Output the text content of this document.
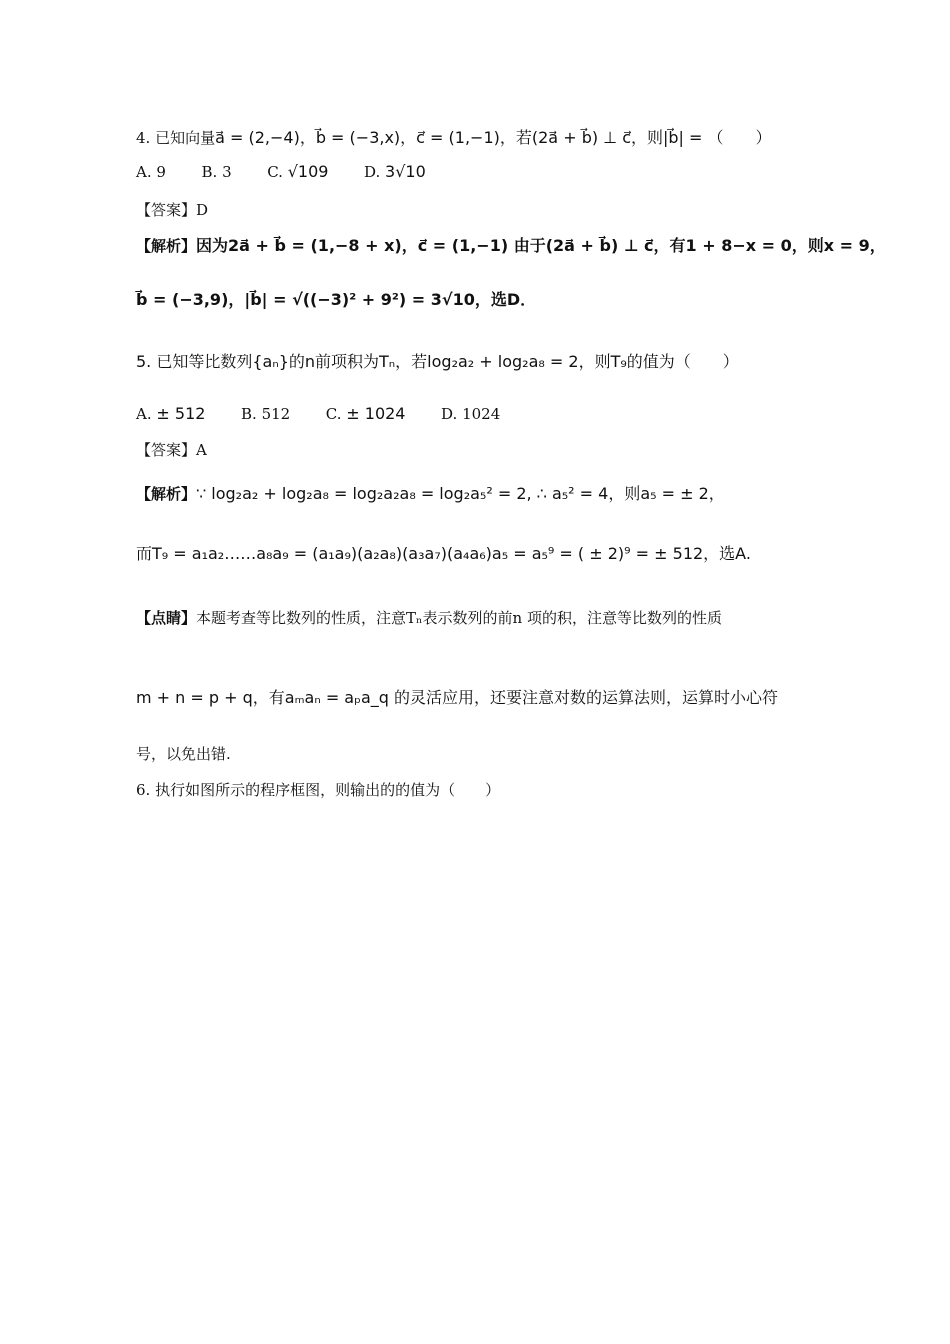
4. 已知向量a⃗ = (2,−4)，b⃗ = (−3,x)，c⃗ = (1,−1)，若(2a⃗ + b⃗) ⊥ c⃗，则|b⃗| = （　　）
A. 9 B. 3 C. √109 D. 3√10
【答案】D
【解析】因为2a⃗ + b⃗ = (1,−8 + x)，c⃗ = (1,−1) 由于(2a⃗ + b⃗) ⊥ c⃗，有1 + 8−x = 0，则x = 9，
b⃗ = (−3,9)，|b⃗| = √((−3)² + 9²) = 3√10，选D．
5. 已知等比数列{aₙ}的n前项积为Tₙ，若log₂a₂ + log₂a₈ = 2，则T₉的值为（　　）
A. ± 512 B. 512 C. ± 1024 D. 1024
【答案】A
【解析】∵ log₂a₂ + log₂a₈ = log₂a₂a₈ = log₂a₅² = 2, ∴ a₅² = 4，则a₅ = ± 2，
而T₉ = a₁a₂……a₈a₉ = (a₁a₉)(a₂a₈)(a₃a₇)(a₄a₆)a₅ = a₅⁹ = ( ± 2)⁹ = ± 512，选A.
【点睛】本题考查等比数列的性质，注意Tₙ表示数列的前n 项的积，注意等比数列的性质
m + n = p + q，有aₘaₙ = aₚa_q 的灵活应用，还要注意对数的运算法则，运算时小心符
号，以免出错.
6. 执行如图所示的程序框图，则输出的的值为（　　）
